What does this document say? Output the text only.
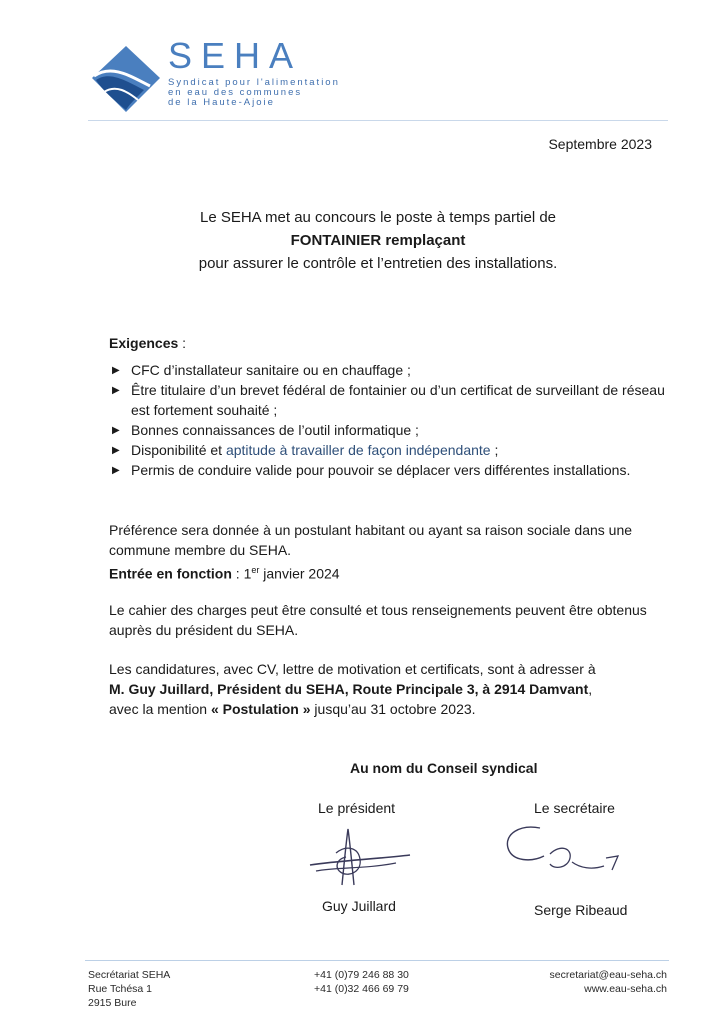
SEHA
Syndicat pour l'alimentation
en eau des communes
de la Haute-Ajoie
Septembre 2023
Le SEHA met au concours le poste à temps partiel de
FONTAINIER remplaçant
pour assurer le contrôle et l’entretien des installations.
Exigences :
▶ CFC d’installateur sanitaire ou en chauffage ;
▶ Être titulaire d’un brevet fédéral de fontainier ou d’un certificat de surveillant de réseau est fortement souhaité ;
▶ Bonnes connaissances de l’outil informatique ;
▶ Disponibilité et aptitude à travailler de façon indépendante ;
▶ Permis de conduire valide pour pouvoir se déplacer vers différentes installations.
Préférence sera donnée à un postulant habitant ou ayant sa raison sociale dans une commune membre du SEHA.
Entrée en fonction : 1er janvier 2024
Le cahier des charges peut être consulté et tous renseignements peuvent être obtenus auprès du président du SEHA.
Les candidatures, avec CV, lettre de motivation et certificats, sont à adresser à
M. Guy Juillard, Président du SEHA, Route Principale 3, à 2914 Damvant,
avec la mention « Postulation » jusqu’au 31 octobre 2023.
Au nom du Conseil syndical
Le président	Le secrétaire
Guy Juillard	Serge Ribeaud
Secrétariat SEHA
Rue Tchésa 1
2915 Bure
+41 (0)79 246 88 30
+41 (0)32 466 69 79
secretariat@eau-seha.ch
www.eau-seha.ch
